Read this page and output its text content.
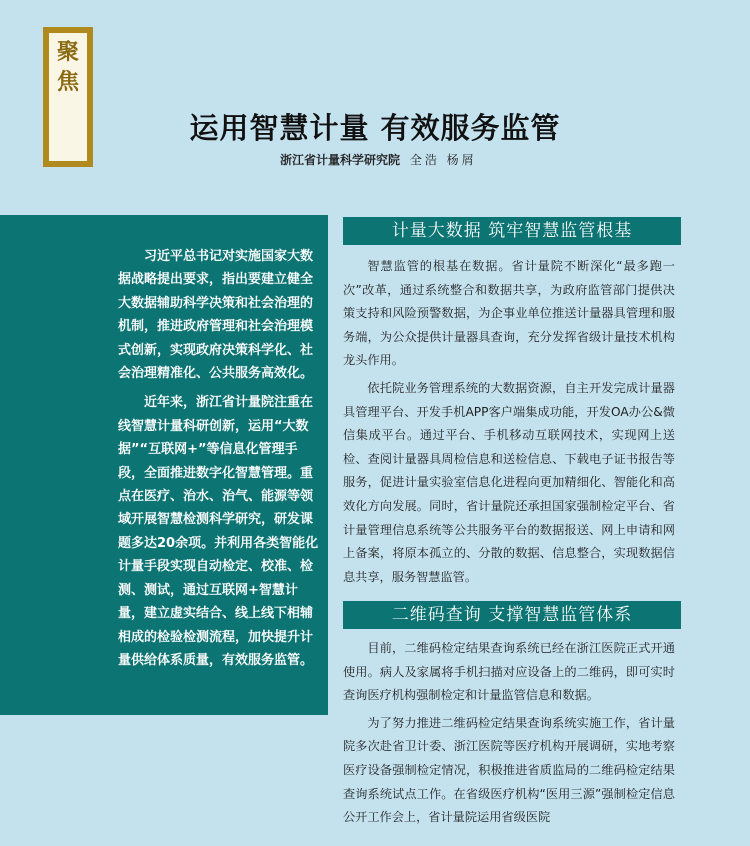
聚
焦
运用智慧计量 有效服务监管
浙江省计量科学研究院 全浩 杨屑

习近平总书记对实施国家大数据战略提出要求，指出要建立健全大数据辅助科学决策和社会治理的机制，推进政府管理和社会治理模式创新，实现政府决策科学化、社会治理精准化、公共服务高效化。

近年来，浙江省计量院注重在线智慧计量科研创新，运用“大数据”“互联网+”等信息化管理手段，全面推进数字化智慧管理。重点在医疗、治水、治气、能源等领域开展智慧检测科学研究，研发课题多达20余项。并利用各类智能化计量手段实现自动检定、校准、检测、测试，通过互联网+智慧计量，建立虚实结合、线上线下相辅相成的检验检测流程，加快提升计量供给体系质量，有效服务监管。

计量大数据 筑牢智慧监管根基

智慧监管的根基在数据。省计量院不断深化“最多跑一次”改革，通过系统整合和数据共享，为政府监管部门提供决策支持和风险预警数据，为企事业单位推送计量器具管理和服务端，为公众提供计量器具查询，充分发挥省级计量技术机构龙头作用。

依托院业务管理系统的大数据资源，自主开发完成计量器具管理平台、开发手机APP客户端集成功能，开发OA办公&微信集成平台。通过平台、手机移动互联网技术，实现网上送检、查阅计量器具周检信息和送检信息、下载电子证书报告等服务，促进计量实验室信息化进程向更加精细化、智能化和高效化方向发展。同时，省计量院还承担国家强制检定平台、省计量管理信息系统等公共服务平台的数据报送、网上申请和网上备案，将原本孤立的、分散的数据、信息整合，实现数据信息共享，服务智慧监管。

二维码查询 支撑智慧监管体系

目前，二维码检定结果查询系统已经在浙江医院正式开通使用。病人及家属将手机扫描对应设备上的二维码，即可实时查询医疗机构强制检定和计量监管信息和数据。

为了努力推进二维码检定结果查询系统实施工作，省计量院多次赴省卫计委、浙江医院等医疗机构开展调研，实地考察医疗设备强制检定情况，积极推进省质监局的二维码检定结果查询系统试点工作。在省级医疗机构“医用三源”强制检定信息公开工作会上，省计量院运用省级医院
